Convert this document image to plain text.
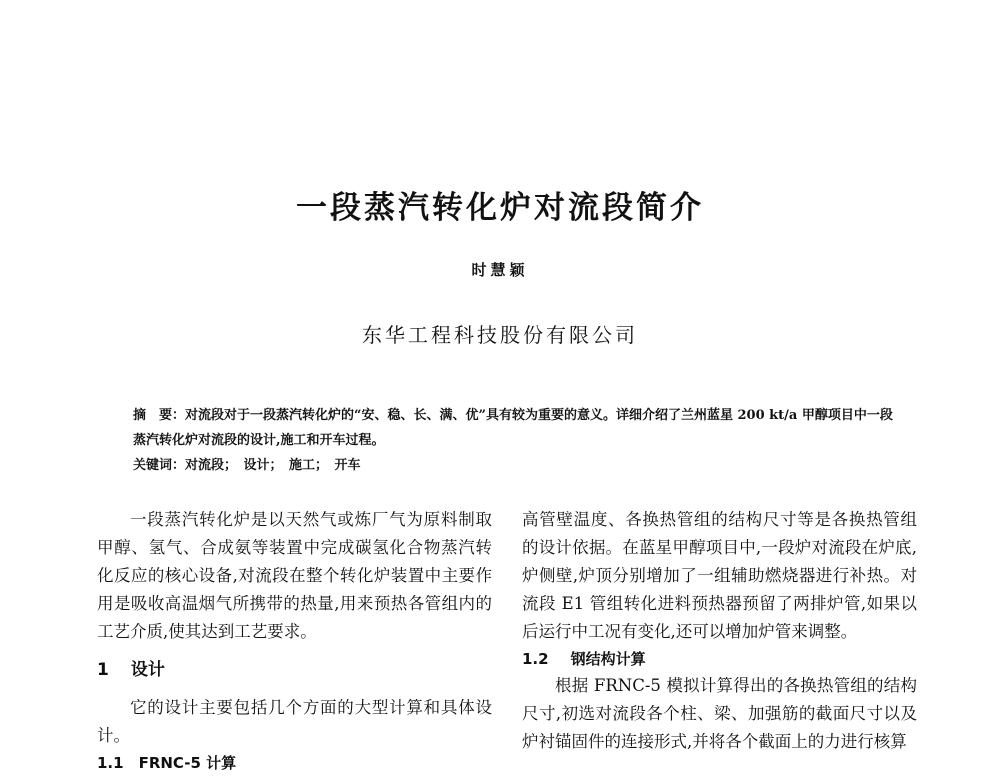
一段蒸汽转化炉对流段简介
时慧颖
东华工程科技股份有限公司
摘　要：对流段对于一段蒸汽转化炉的“安、稳、长、满、优”具有较为重要的意义。详细介绍了兰州蓝星 200 kt/a 甲醇项目中一段蒸汽转化炉对流段的设计,施工和开车过程。
关键词：对流段；　设计；　施工；　开车

一段蒸汽转化炉是以天然气或炼厂气为原料制取甲醇、氢气、合成氨等装置中完成碳氢化合物蒸汽转化反应的核心设备,对流段在整个转化炉装置中主要作用是吸收高温烟气所携带的热量,用来预热各管组内的工艺介质,使其达到工艺要求。

1 设计

它的设计主要包括几个方面的大型计算和具体设计。

1.1　FRNC-5 计算

高管壁温度、各换热管组的结构尺寸等是各换热管组的设计依据。在蓝星甲醇项目中,一段炉对流段在炉底,炉侧壁,炉顶分别增加了一组辅助燃烧器进行补热。对流段 E1 管组转化进料预热器预留了两排炉管,如果以后运行中工况有变化,还可以增加炉管来调整。

1.2 钢结构计算

根据 FRNC-5 模拟计算得出的各换热管组的结构尺寸,初选对流段各个柱、梁、加强筋的截面尺寸以及炉衬锚固件的连接形式,并将各个截面上的力进行核算
